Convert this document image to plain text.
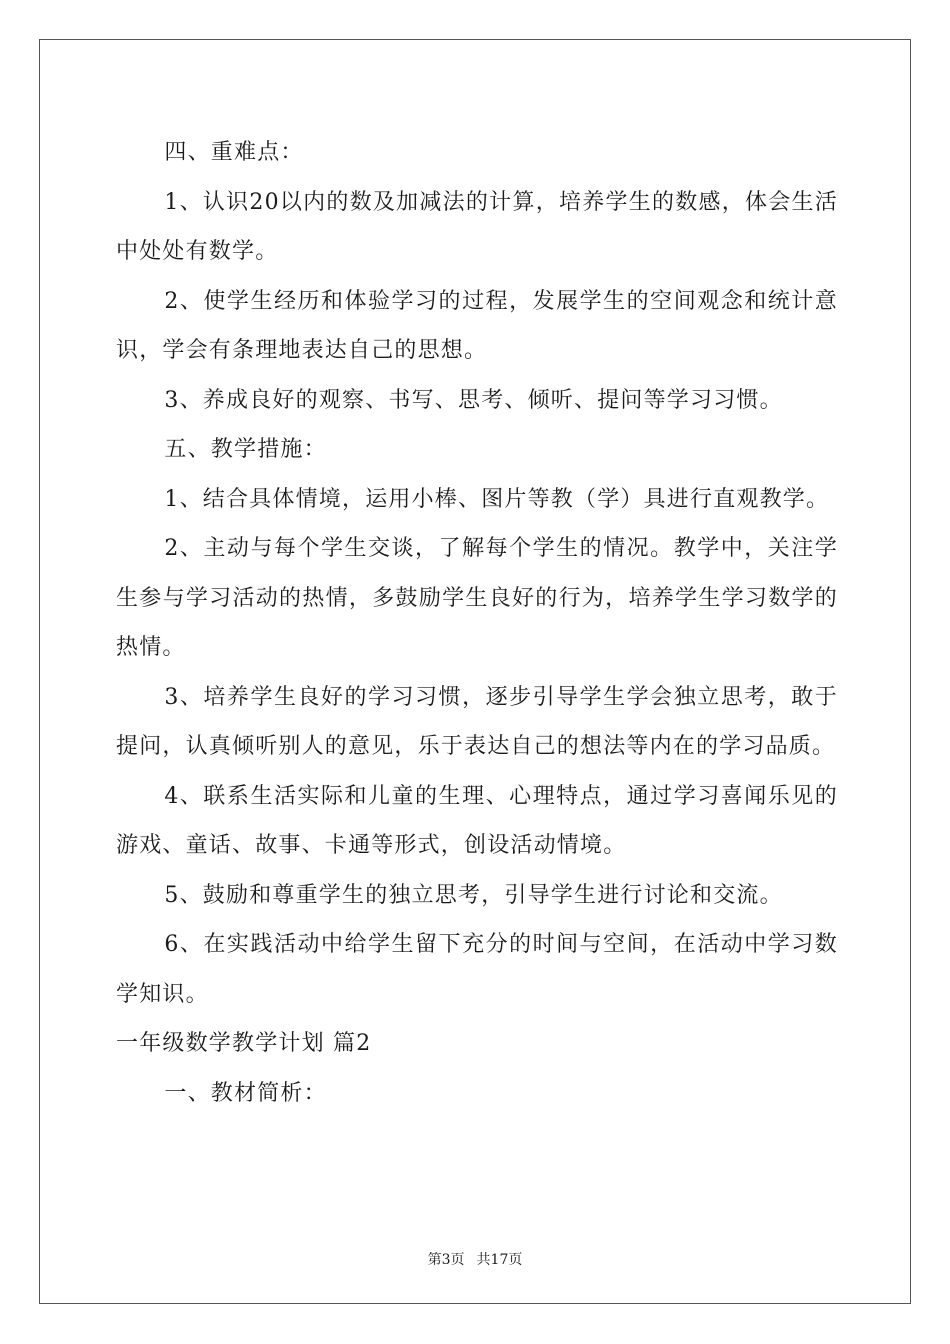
四、重难点：

1、认识20以内的数及加减法的计算，培养学生的数感，体会生活中处处有数学。

2、使学生经历和体验学习的过程，发展学生的空间观念和统计意识，学会有条理地表达自己的思想。

3、养成良好的观察、书写、思考、倾听、提问等学习习惯。

五、教学措施：

1、结合具体情境，运用小棒、图片等教（学）具进行直观教学。

2、主动与每个学生交谈，了解每个学生的情况。教学中，关注学生参与学习活动的热情，多鼓励学生良好的行为，培养学生学习数学的热情。

3、培养学生良好的学习习惯，逐步引导学生学会独立思考，敢于提问，认真倾听别人的意见，乐于表达自己的想法等内在的学习品质。

4、联系生活实际和儿童的生理、心理特点，通过学习喜闻乐见的游戏、童话、故事、卡通等形式，创设活动情境。

5、鼓励和尊重学生的独立思考，引导学生进行讨论和交流。

6、在实践活动中给学生留下充分的时间与空间，在活动中学习数学知识。

一年级数学教学计划 篇2

一、教材简析：

第3页 共17页
